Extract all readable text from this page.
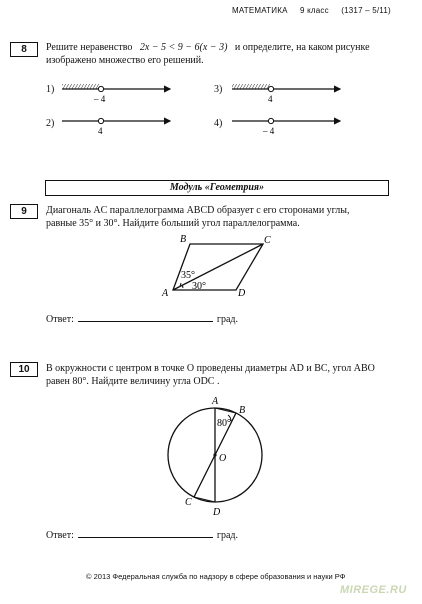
МАТЕМАТИКА 9 класс (1317 – 5/11)
8	Решите неравенство 2x − 5 < 9 − 6(x − 3) и определите, на каком рисунке
изображено множество его решений.
1)
2)
3)
4)
– 4
4
4
– 4
Модуль «Геометрия»
9	Диагональ AC параллелограмма ABCD образует с его сторонами углы,
равные 35° и 30°. Найдите больший угол параллелограмма.
B	C
A	D
35°
30°
Ответ:	град.
10	В окружности с центром в точке O проведены диаметры AD и BC, угол ABO
равен 80°. Найдите величину угла ODC .
A
B
C
D
O
80°
Ответ:	град.
© 2013 Федеральная служба по надзору в сфере образования и науки РФ
MIREGE.RU
